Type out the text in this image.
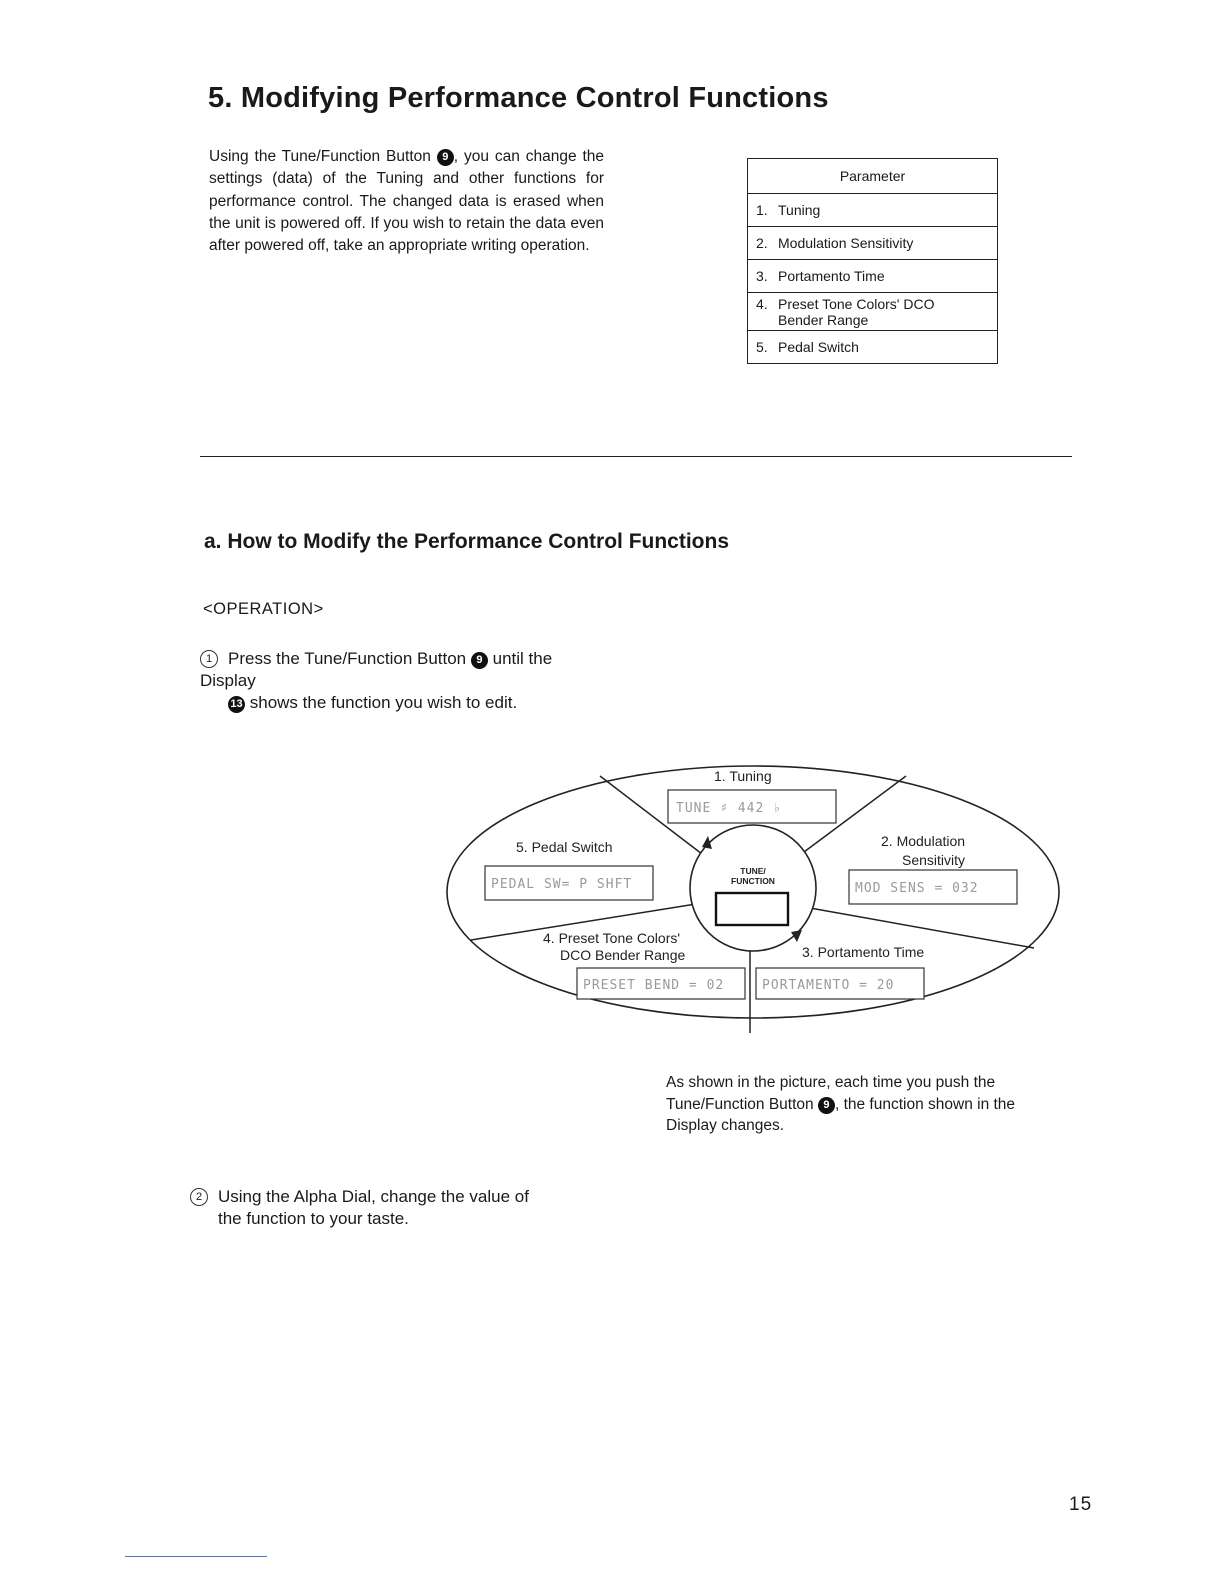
5. Modifying Performance Control Functions
Using the Tune/Function Button 9 , you can change the settings (data) of the Tuning and other functions for performance control. The changed data is erased when the unit is powered off. If you wish to retain the data even after powered off, take an appropriate writing operation.
Parameter
1. Tuning
2. Modulation Sensitivity
3. Portamento Time
4. Preset Tone Colors' DCO
Bender Range
5. Pedal Switch
a. How to Modify the Performance Control Functions
<OPERATION>
1 Press the Tune/Function Button 9 until the Display
13 shows the function you wish to edit.
TUNE/
FUNCTION
1. Tuning
2. Modulation
Sensitivity
3. Portamento Time
4. Preset Tone Colors'
DCO Bender Range
5. Pedal Switch
TUNE ♯ 442 ♭
MOD SENS = 032
PEDAL SW= P SHFT
PRESET BEND = 02	PORTAMENTO = 20
As shown in the picture, each time you push the Tune/Function Button 9 , the function shown in the Display changes.
2 Using the Alpha Dial, change the value of
the function to your taste.
15
